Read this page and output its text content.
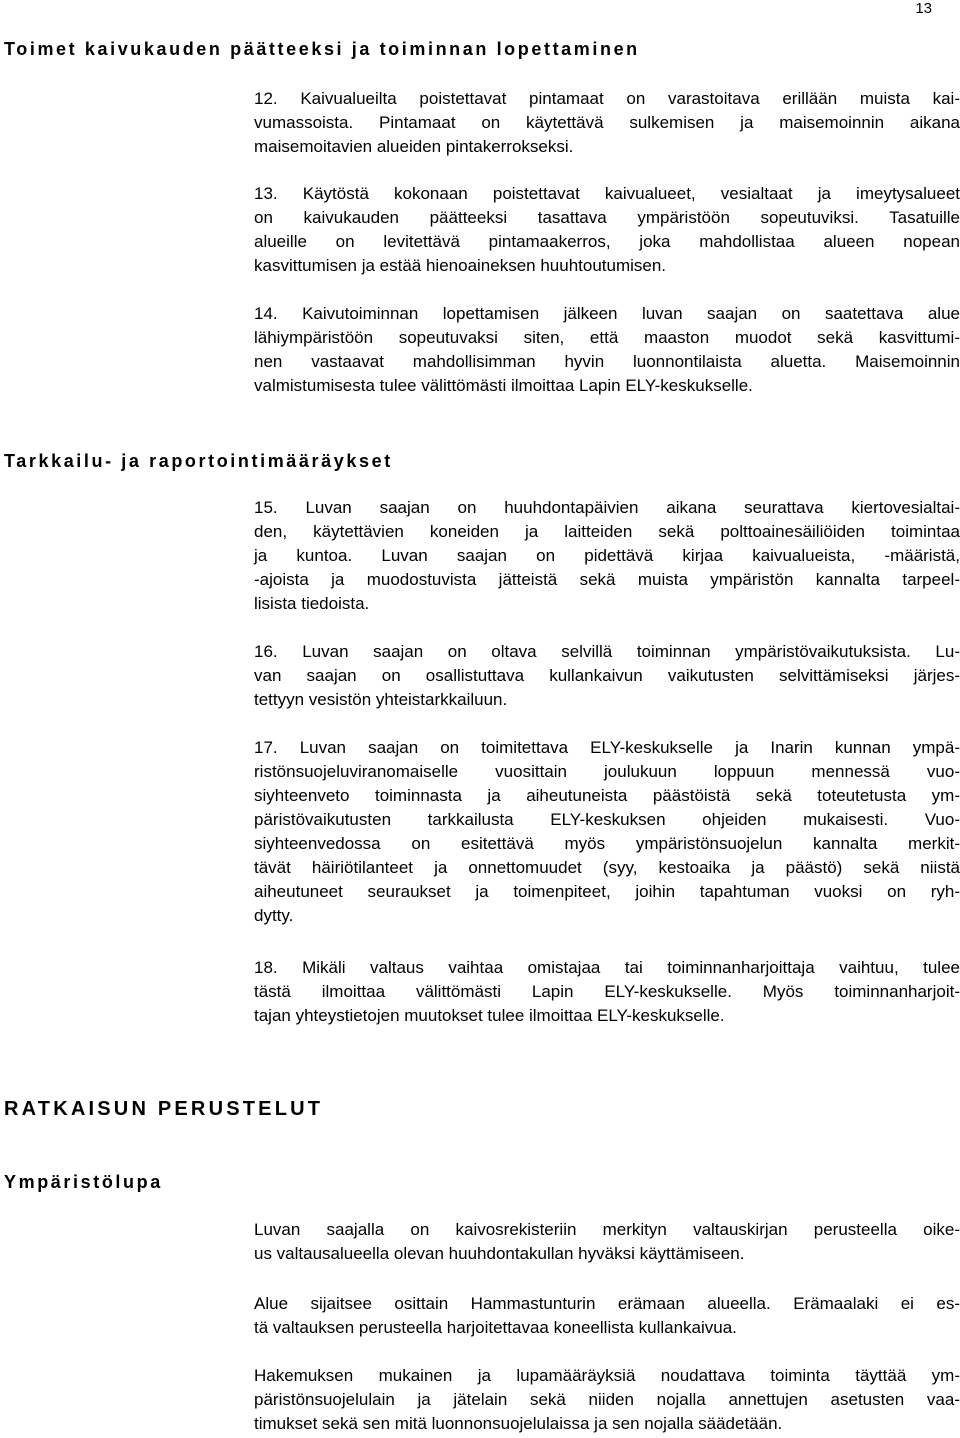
13
Toimet kaivukauden päätteeksi ja toiminnan lopettaminen
12. Kaivualueilta poistettavat pintamaat on varastoitava erillään muista kai-
vumassoista. Pintamaat on käytettävä sulkemisen ja maisemoinnin aikana
maisemoitavien alueiden pintakerrokseksi.
13. Käytöstä kokonaan poistettavat kaivualueet, vesialtaat ja imeytysalueet
on kaivukauden päätteeksi tasattava ympäristöön sopeutuviksi. Tasatuille
alueille on levitettävä pintamaakerros, joka mahdollistaa alueen nopean
kasvittumisen ja estää hienoaineksen huuhtoutumisen.
14. Kaivutoiminnan lopettamisen jälkeen luvan saajan on saatettava alue
lähiympäristöön sopeutuvaksi siten, että maaston muodot sekä kasvittumi-
nen vastaavat mahdollisimman hyvin luonnontilaista aluetta. Maisemoinnin
valmistumisesta tulee välittömästi ilmoittaa Lapin ELY-keskukselle.
Tarkkailu- ja raportointimääräykset
15. Luvan saajan on huuhdontapäivien aikana seurattava kiertovesialtai-
den, käytettävien koneiden ja laitteiden sekä polttoainesäiliöiden toimintaa
ja kuntoa. Luvan saajan on pidettävä kirjaa kaivualueista, -määristä,
-ajoista ja muodostuvista jätteistä sekä muista ympäristön kannalta tarpeel-
lisista tiedoista.
16. Luvan saajan on oltava selvillä toiminnan ympäristövaikutuksista. Lu-
van saajan on osallistuttava kullankaivun vaikutusten selvittämiseksi järjes-
tettyyn vesistön yhteistarkkailuun.
17. Luvan saajan on toimitettava ELY-keskukselle ja Inarin kunnan ympä-
ristönsuojeluviranomaiselle vuosittain joulukuun loppuun mennessä vuo-
siyhteenveto toiminnasta ja aiheutuneista päästöistä sekä toteutetusta ym-
päristövaikutusten tarkkailusta ELY-keskuksen ohjeiden mukaisesti. Vuo-
siyhteenvedossa on esitettävä myös ympäristönsuojelun kannalta merkit-
tävät häiriötilanteet ja onnettomuudet (syy, kestoaika ja päästö) sekä niistä
aiheutuneet seuraukset ja toimenpiteet, joihin tapahtuman vuoksi on ryh-
dytty.
18. Mikäli valtaus vaihtaa omistajaa tai toiminnanharjoittaja vaihtuu, tulee
tästä ilmoittaa välittömästi Lapin ELY-keskukselle. Myös toiminnanharjoit-
tajan yhteystietojen muutokset tulee ilmoittaa ELY-keskukselle.
RATKAISUN PERUSTELUT
Ympäristölupa
Luvan saajalla on kaivosrekisteriin merkityn valtauskirjan perusteella oike-
us valtausalueella olevan huuhdontakullan hyväksi käyttämiseen.
Alue sijaitsee osittain Hammastunturin erämaan alueella. Erämaalaki ei es-
tä valtauksen perusteella harjoitettavaa koneellista kullankaivua.
Hakemuksen mukainen ja lupamääräyksiä noudattava toiminta täyttää ym-
päristönsuojelulain ja jätelain sekä niiden nojalla annettujen asetusten vaa-
timukset sekä sen mitä luonnonsuojelulaissa ja sen nojalla säädetään.
